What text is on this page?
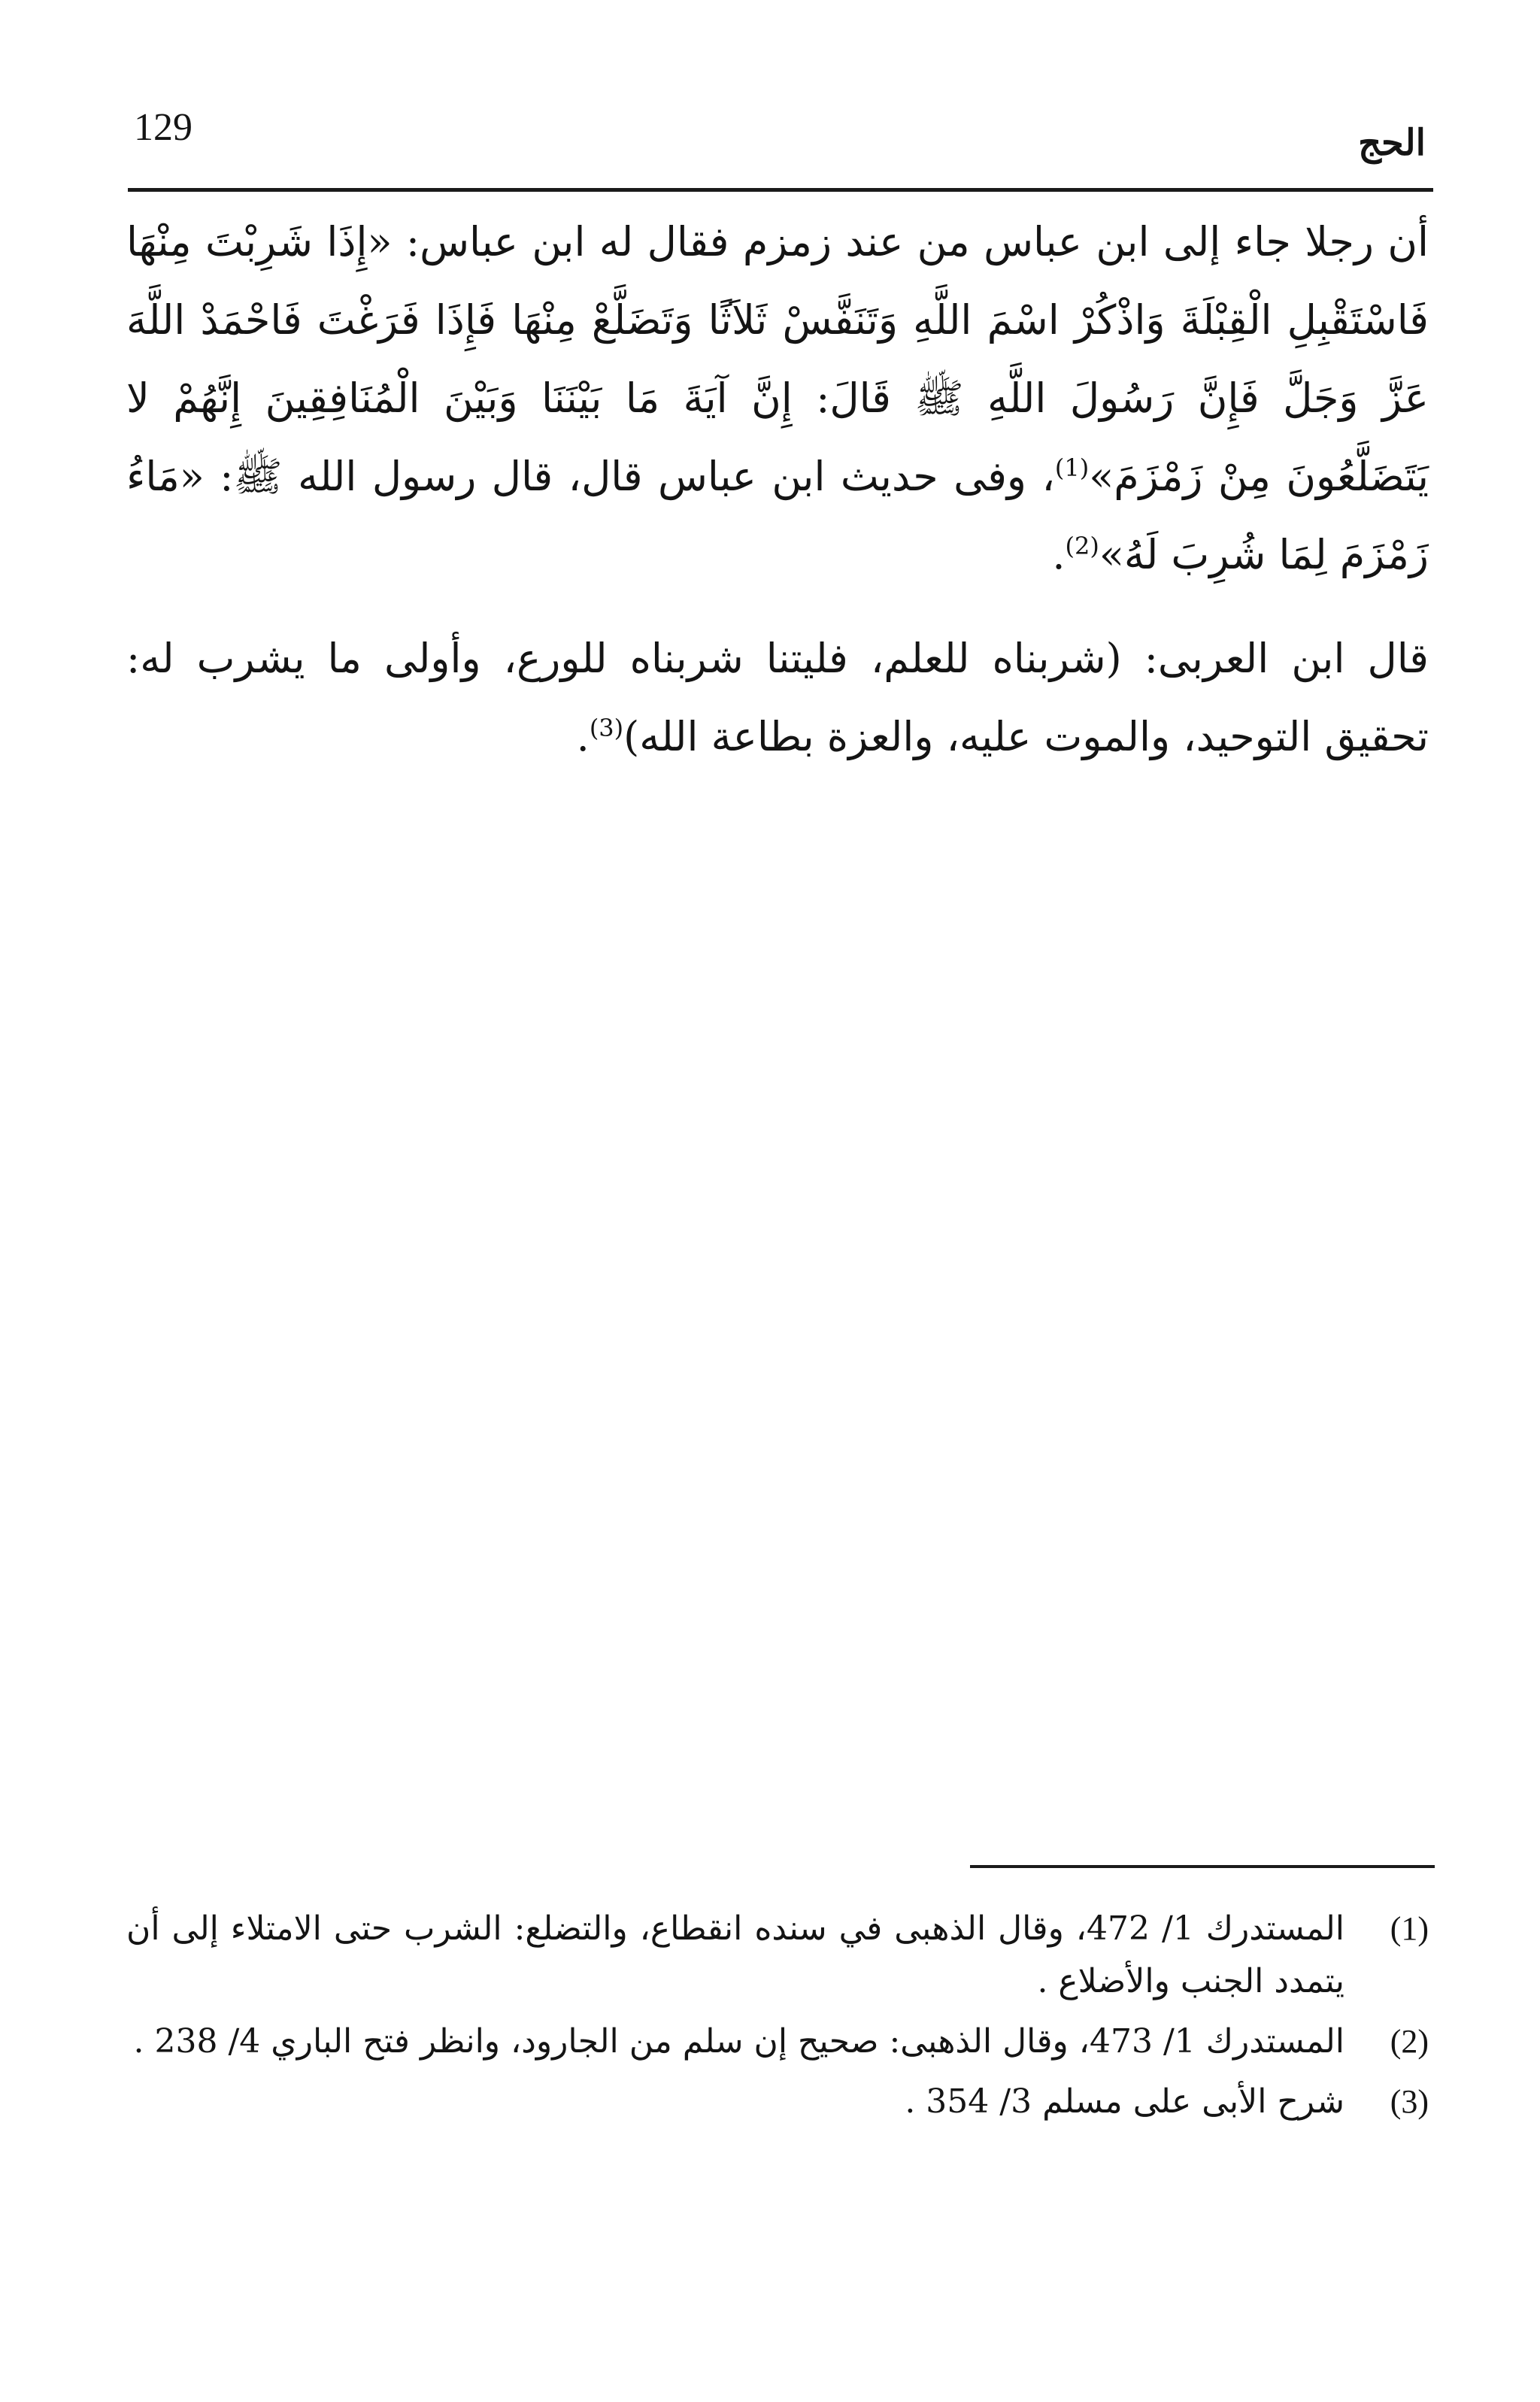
129	الحج

أن رجلا جاء إلى ابن عباس من عند زمزم فقال له ابن عباس: «إِذَا شَرِبْتَ مِنْهَا فَاسْتَقْبِلِ الْقِبْلَةَ وَاذْكُرْ اسْمَ اللَّهِ وَتَنَفَّسْ ثَلاَثًا وَتَضَلَّعْ مِنْهَا فَإِذَا فَرَغْتَ فَاحْمَدْ اللَّهَ عَزَّ وَجَلَّ فَإِنَّ رَسُولَ اللَّهِ ﷺ قَالَ: إِنَّ آيَةَ مَا بَيْنَنَا وَبَيْنَ الْمُنَافِقِينَ إِنَّهُمْ لا يَتَضَلَّعُونَ مِنْ زَمْزَمَ»$^{(1)}$، وفى حديث ابن عباس قال، قال رسول الله ﷺ: «مَاءُ زَمْزَمَ لِمَا شُرِبَ لَهُ»$^{(2)}$.

قال ابن العربى: (شربناه للعلم، فليتنا شربناه للورع، وأولى ما يشرب له: تحقيق التوحيد، والموت عليه، والعزة بطاعة الله)$^{(3)}$.

(1)
المستدرك 1/ 472، وقال الذهبى في سنده انقطاع، والتضلع: الشرب حتى الامتلاء إلى أن يتمدد الجنب والأضلاع .
(2)
المستدرك 1/ 473، وقال الذهبى: صحيح إن سلم من الجارود، وانظر فتح الباري 4/ 238 .
(3)
شرح الأبى على مسلم 3/ 354 .
